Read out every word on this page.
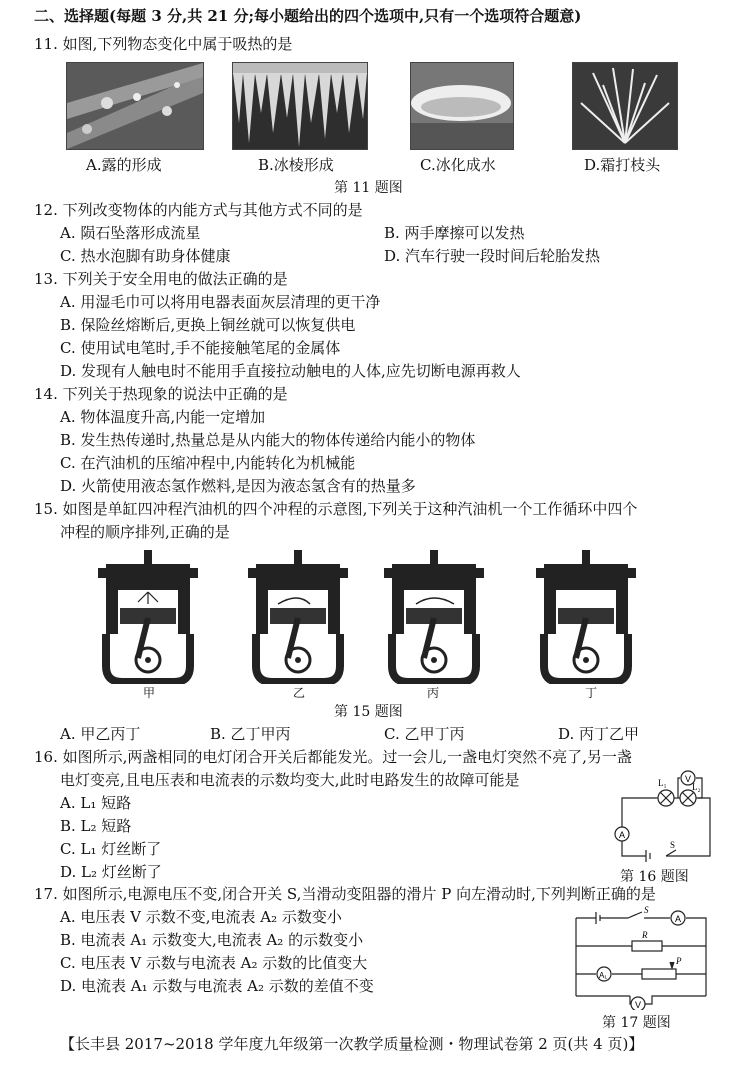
二、选择题(每题 3 分,共 21 分;每小题给出的四个选项中,只有一个选项符合题意)
11. 如图,下列物态变化中属于吸热的是
A.露的形成	B.冰棱形成	C.冰化成水	D.霜打枝头
第 11 题图
12. 下列改变物体的内能方式与其他方式不同的是
A. 陨石坠落形成流星	B. 两手摩擦可以发热
C. 热水泡脚有助身体健康	D. 汽车行驶一段时间后轮胎发热
13. 下列关于安全用电的做法正确的是
A. 用湿毛巾可以将用电器表面灰层清理的更干净
B. 保险丝熔断后,更换上铜丝就可以恢复供电
C. 使用试电笔时,手不能接触笔尾的金属体
D. 发现有人触电时不能用手直接拉动触电的人体,应先切断电源再救人
14. 下列关于热现象的说法中正确的是
A. 物体温度升高,内能一定增加
B. 发生热传递时,热量总是从内能大的物体传递给内能小的物体
C. 在汽油机的压缩冲程中,内能转化为机械能
D. 火箭使用液态氢作燃料,是因为液态氢含有的热量多
15. 如图是单缸四冲程汽油机的四个冲程的示意图,下列关于这种汽油机一个工作循环中四个
冲程的顺序排列,正确的是
甲	乙	丙	丁
第 15 题图
A. 甲乙丙丁	B. 乙丁甲丙	C. 乙甲丁丙	D. 丙丁乙甲
16. 如图所示,两盏相同的电灯闭合开关后都能发光。过一会儿,一盏电灯突然不亮了,另一盏
电灯变亮,且电压表和电流表的示数均变大,此时电路发生的故障可能是
A. L₁ 短路
B. L₂ 短路
C. L₁ 灯丝断了
D. L₂ 灯丝断了
V
A
L₁	L₂
S
第 16 题图
17. 如图所示,电源电压不变,闭合开关 S,当滑动变阻器的滑片 P 向左滑动时,下列判断正确的是
A. 电压表 V 示数不变,电流表 A₂ 示数变小
B. 电流表 A₁ 示数变大,电流表 A₂ 的示数变小
C. 电压表 V 示数与电流表 A₂ 示数的比值变大
D. 电流表 A₁ 示数与电流表 A₂ 示数的差值不变
S
A
R
A₁
P
V
第 17 题图
【长丰县 2017~2018 学年度九年级第一次教学质量检测・物理试卷第 2 页(共 4 页)】
